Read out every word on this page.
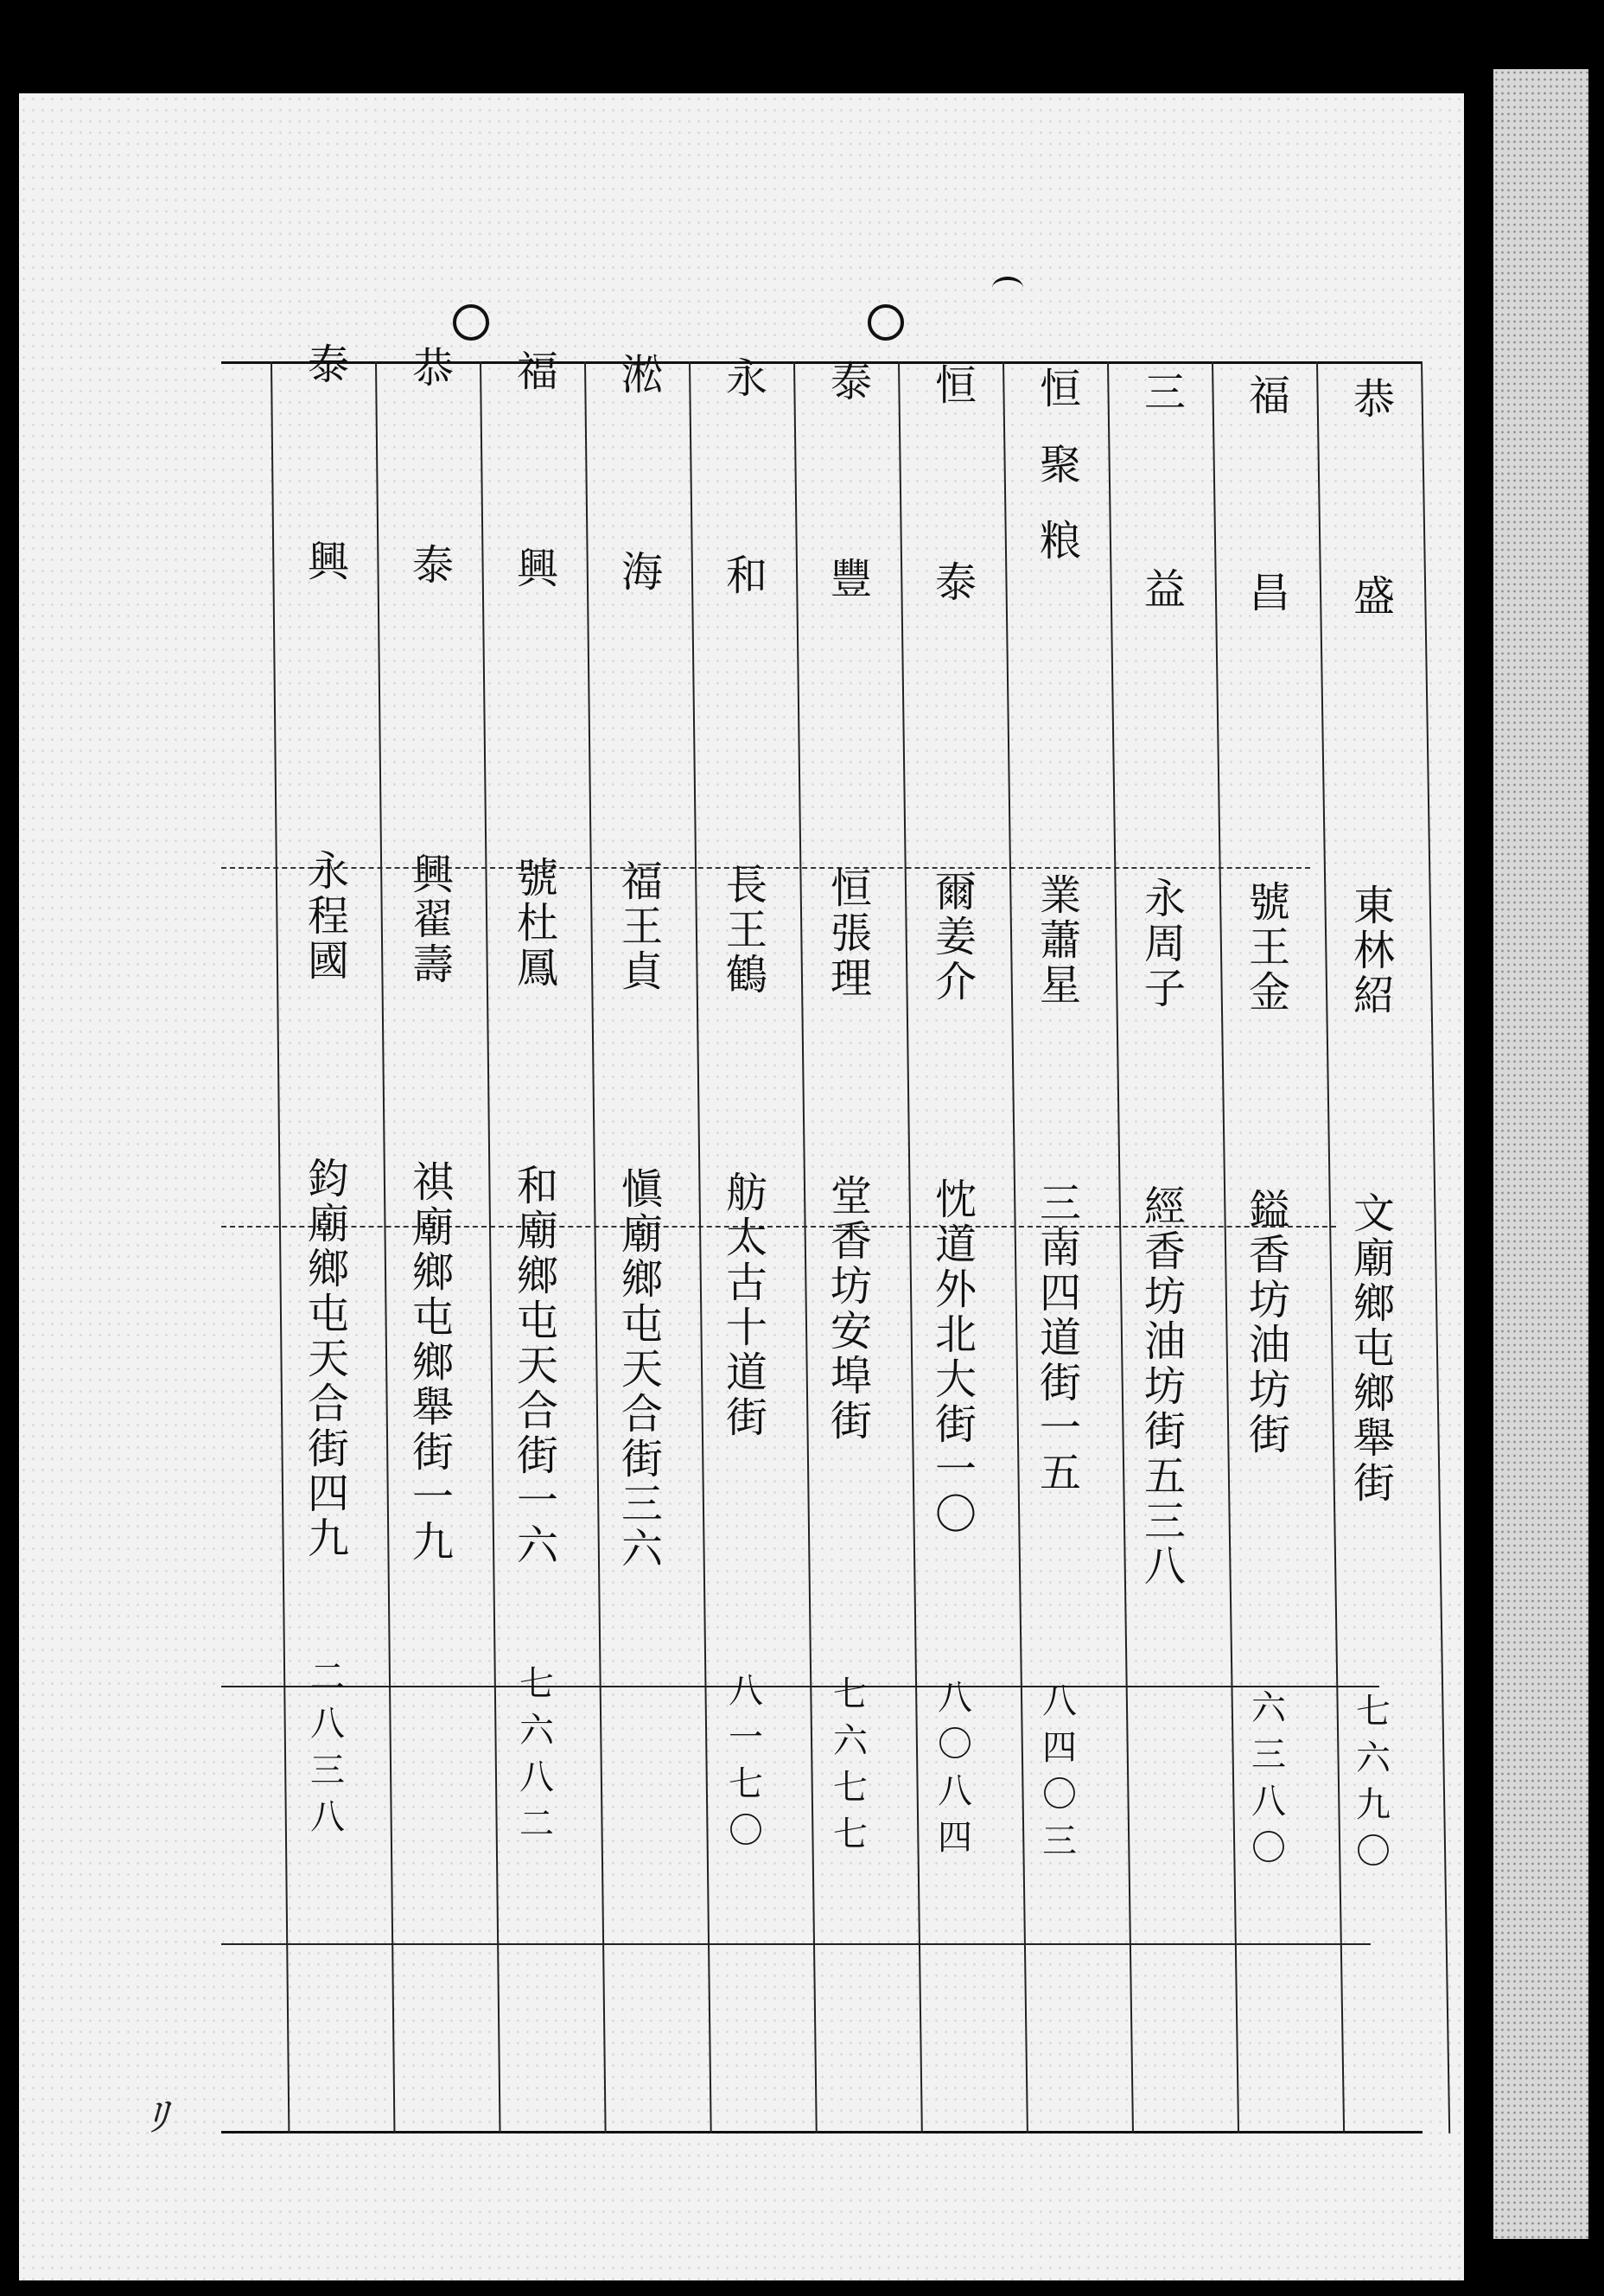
恭盛
東林紹
文廟鄉屯鄉舉街
七六九〇
福昌
號王金
鎰香坊油坊街
六三八〇
三益
永周子
經香坊油坊街五三八
恒聚粮
業蕭星
三南四道街一五
八四〇三
恒泰
爾姜介
忱道外北大街一〇
八〇八四
泰豐
恒張理
堂香坊安埠街
七六七七
永和
長王鶴
舫太古十道街
八一七〇
淞海
福王貞
愼廟鄉屯天合街三六
福興
號杜鳳
和廟鄉屯天合街一六
七六八二
恭泰
興翟壽
祺廟鄉屯鄉舉街一九
泰興
永程國
鈞廟鄉屯天合街四九
二八三八
ﾘ
